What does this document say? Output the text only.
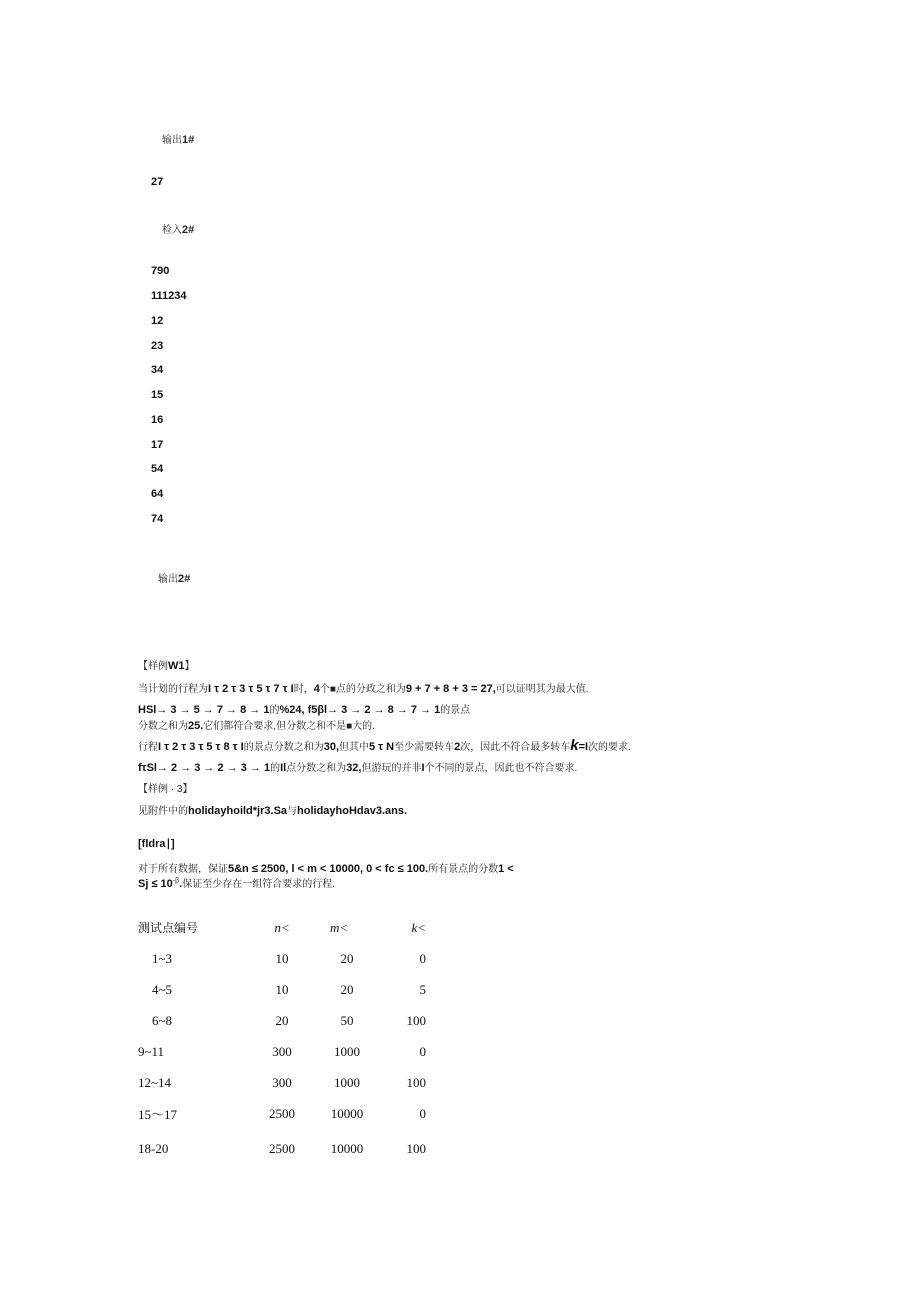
输出1#
27
检入2#
790
111234
12
23
34
15
16
17
54
64
74
输出2#
【样例W1】
当计划的行程为I τ 2 τ 3 τ 5 τ 7 τ I时，4个■点的分政之和为9 + 7 + 8 + 3 = 27,可以证明其为最大值.
HSl→ 3 → 5 → 7 → 8 → 1的%24, f5βl→ 3 → 2 → 8 → 7 → 1的景点
分数之和为25.它们都符合要求,但分数之和不是■大的.
行程I τ 2 τ 3 τ 5 τ 8 τ I的景点分数之和为30,但其中5 τ N至少需要转车2次，因此不符合最多转车k=I次的要求.
fτSl→ 2 → 3 → 2 → 3 → 1的Il点分数之和为32,但游玩的并非I个不同的景点，因此也不符合要求.
【样例 · 3】
见附件中的holidayhoild*jr3.Sa与holidayhoHdav3.ans.
[fldra∣]
对于所有数据，保证5&n ≤ 2500, l < m < 10000, 0 < fc ≤ 100.所有景点的分数1 <
$Sj \le 10^{-\beta}$.保证至少存在一组符合要求的行程.
测试点编号	n<	m<	k<
1~3	10	20	0
4~5	10	20	5
6~8	20	50	100
9~11	300	1000	0
12~14	300	1000	100
15～17	2500	10000	0
18-20	2500	10000	100
